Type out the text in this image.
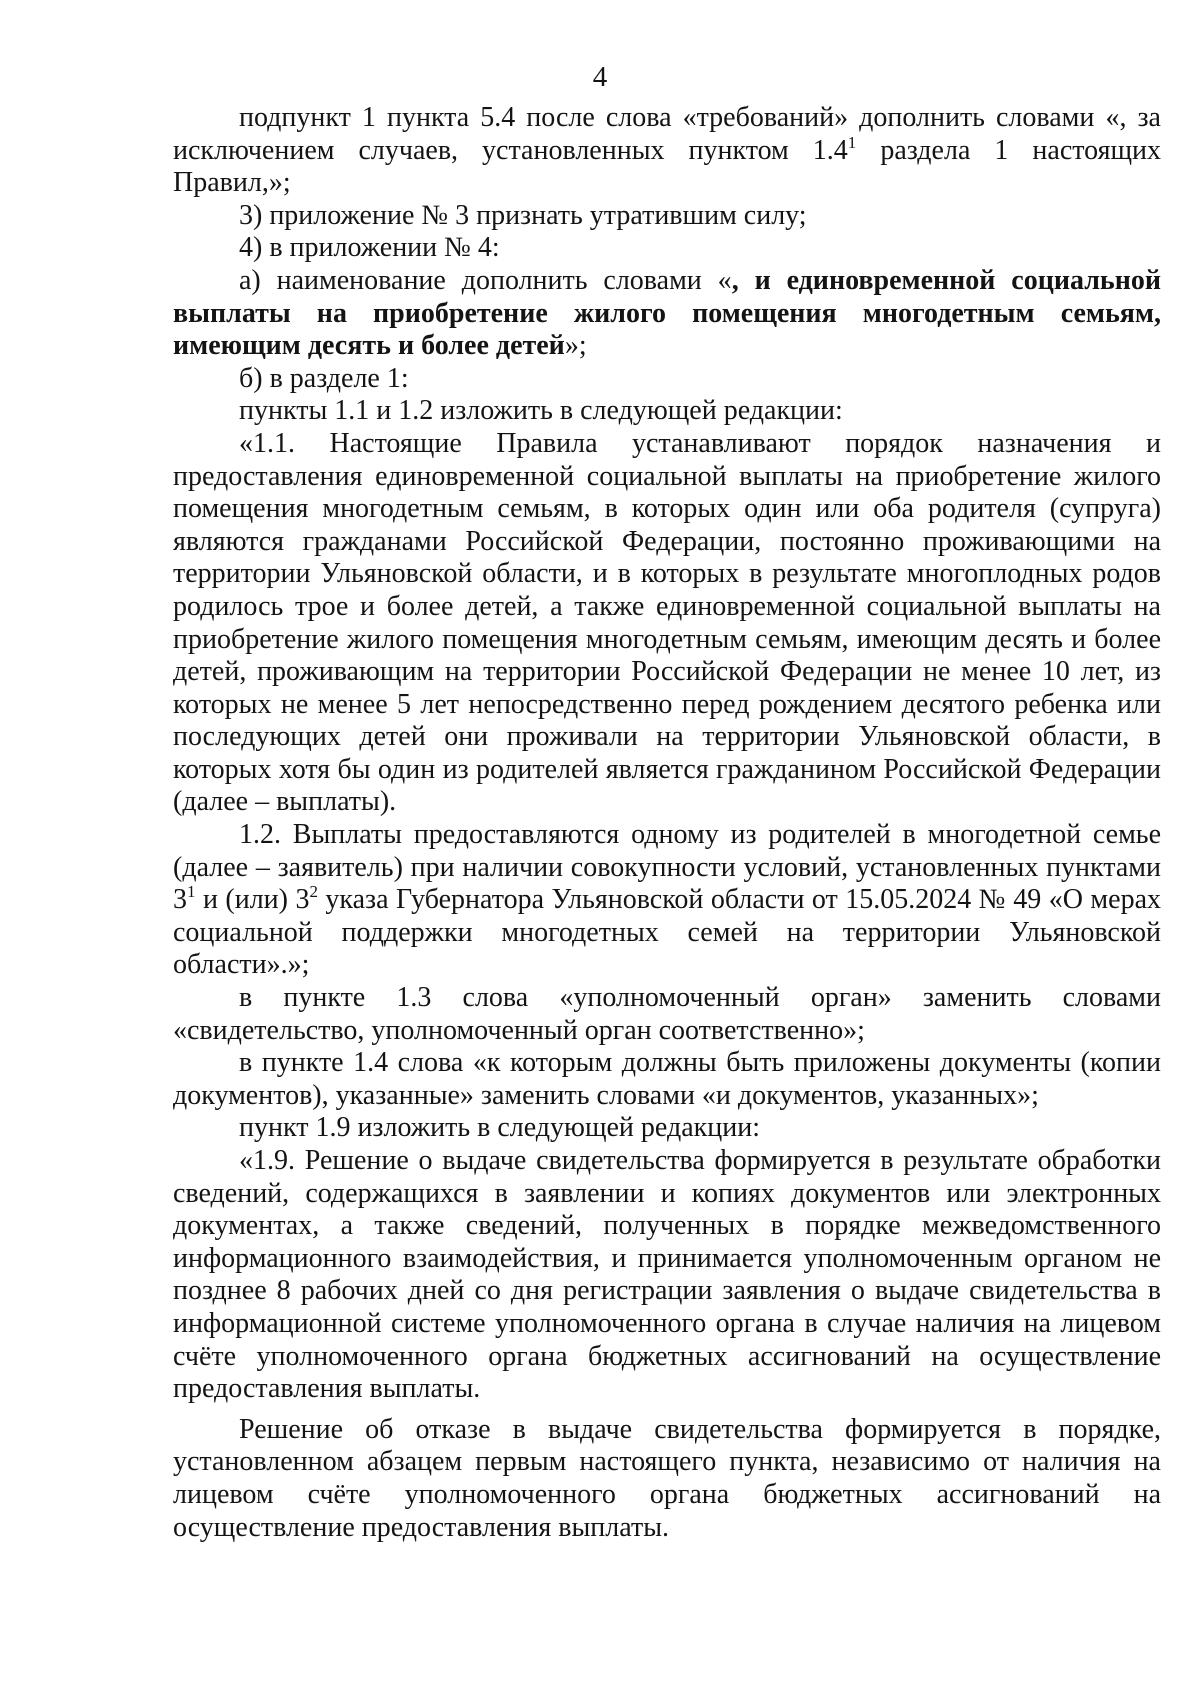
4

подпункт 1 пункта 5.4 после слова «требований» дополнить словами «, за исключением случаев, установленных пунктом $1.4^1$ раздела 1 настоящих Правил,»;

3) приложение № 3 признать утратившим силу;

4) в приложении № 4:

а) наименование дополнить словами «, и единовременной социальной выплаты на приобретение жилого помещения многодетным семьям, имеющим десять и более детей»;

б) в разделе 1:

пункты 1.1 и 1.2 изложить в следующей редакции:

«1.1. Настоящие Правила устанавливают порядок назначения и предоставления единовременной социальной выплаты на приобретение жилого помещения многодетным семьям, в которых один или оба родителя (супруга) являются гражданами Российской Федерации, постоянно проживающими на территории Ульяновской области, и в которых в результате многоплодных родов родилось трое и более детей, а также единовременной социальной выплаты на приобретение жилого помещения многодетным семьям, имеющим десять и более детей, проживающим на территории Российской Федерации не менее 10 лет, из которых не менее 5 лет непосредственно перед рождением десятого ребенка или последующих детей они проживали на территории Ульяновской области, в которых хотя бы один из родителей является гражданином Российской Федерации (далее – выплаты).

1.2. Выплаты предоставляются одному из родителей в многодетной семье (далее – заявитель) при наличии совокупности условий, установленных пунктами $3^1$ и (или) $3^2$ указа Губернатора Ульяновской области от 15.05.2024 № 49 «О мерах социальной поддержки многодетных семей на территории Ульяновской области».»;

в пункте 1.3 слова «уполномоченный орган» заменить словами «свидетельство, уполномоченный орган соответственно»;

в пункте 1.4 слова «к которым должны быть приложены документы (копии документов), указанные» заменить словами «и документов, указанных»;

пункт 1.9 изложить в следующей редакции:

«1.9. Решение о выдаче свидетельства формируется в результате обработки сведений, содержащихся в заявлении и копиях документов или электронных документах, а также сведений, полученных в порядке межведомственного информационного взаимодействия, и принимается уполномоченным органом не позднее 8 рабочих дней со дня регистрации заявления о выдаче свидетельства в информационной системе уполномоченного органа в случае наличия на лицевом счёте уполномоченного органа бюджетных ассигнований на осуществление предоставления выплаты.

Решение об отказе в выдаче свидетельства формируется в порядке, установленном абзацем первым настоящего пункта, независимо от наличия на лицевом счёте уполномоченного органа бюджетных ассигнований на осуществление предоставления выплаты.
